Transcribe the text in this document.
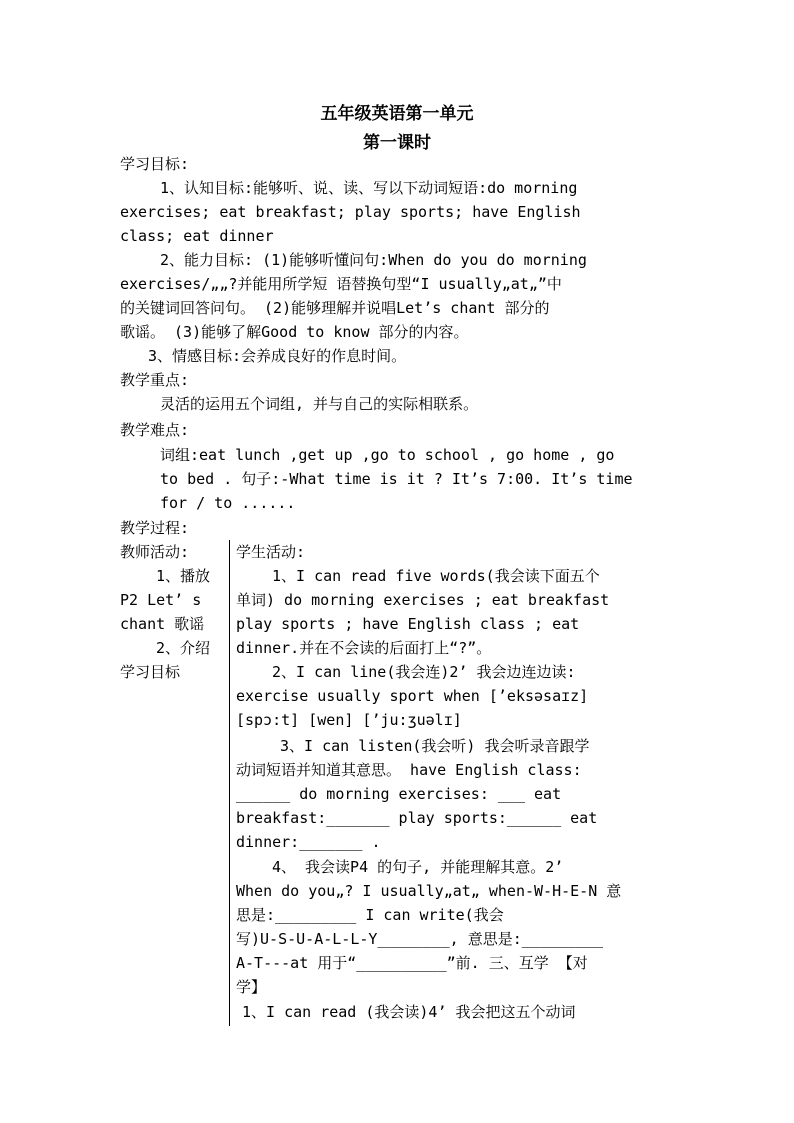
五年级英语第一单元
第一课时
学习目标:
1、认知目标:能够听、说、读、写以下动词短语:do morning
exercises; eat breakfast; play sports; have English
class; eat dinner
2、能力目标: (1)能够听懂问句:When do you do morning
exercises/„„?并能用所学短 语替换句型“I usually„at„”中
的关键词回答问句。 (2)能够理解并说唱Let’s chant 部分的
歌谣。 (3)能够了解Good to know 部分的内容。
3、情感目标:会养成良好的作息时间。
教学重点:
灵活的运用五个词组, 并与自己的实际相联系。
教学难点:
词组:eat lunch ,get up ,go to school , go home , go
to bed . 句子:-What time is it ? It’s 7:00. It’s time
for / to ......
教学过程:
教师活动:
1、播放
P2 Let’ s
chant 歌谣
2、介绍
学习目标
学生活动:
1、I can read five words(我会读下面五个
单词) do morning exercises ; eat breakfast
play sports ; have English class ; eat
dinner.并在不会读的后面打上“?”。
2、I can line(我会连)2’ 我会边连边读:
exercise usually sport when [’eksəsaɪz]
[spɔ:t] [wen] [’ju:ʒuəlɪ]
3、I can listen(我会听) 我会听录音跟学
动词短语并知道其意思。 have English class:
______ do morning exercises: ___ eat
breakfast:_______ play sports:______ eat
dinner:_______ .
4、 我会读P4 的句子, 并能理解其意。2’
When do you„? I usually„at„ when-W-H-E-N 意
思是:_________ I can write(我会
写)U-S-U-A-L-L-Y________, 意思是:_________
A-T---at 用于“__________”前. 三、互学 【对
学】
1、I can read (我会读)4’ 我会把这五个动词
